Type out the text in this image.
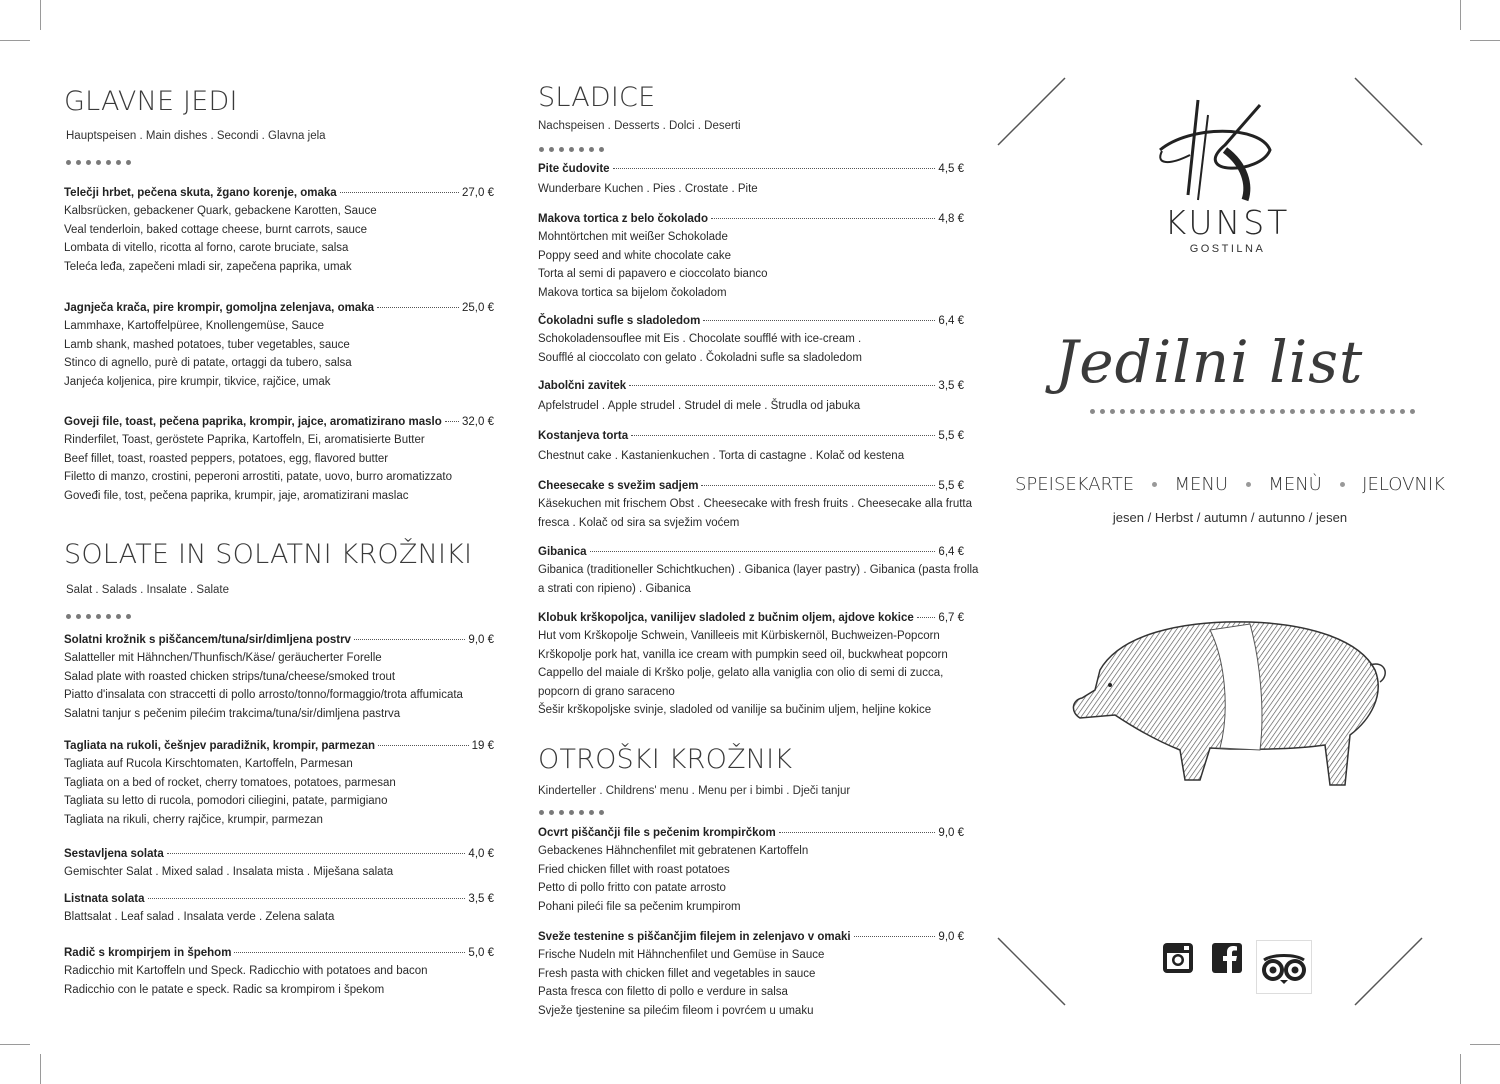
GLAVNE JEDI
Hauptspeisen . Main dishes . Secondi . Glavna jela
Telečji hrbet, pečena skuta, žgano korenje, omaka	27,0 €
Kalbsrücken, gebackener Quark, gebackene Karotten, Sauce
Veal tenderloin, baked cottage cheese, burnt carrots, sauce
Lombata di vitello, ricotta al forno, carote bruciate, salsa
Teleća leđa, zapečeni mladi sir, zapečena paprika, umak
Jagnječa krača, pire krompir, gomoljna zelenjava, omaka	25,0 €
Lammhaxe, Kartoffelpüree, Knollengemüse, Sauce
Lamb shank, mashed potatoes, tuber vegetables, sauce
Stinco di agnello, purè di patate, ortaggi da tubero, salsa
Janjeća koljenica, pire krumpir, tikvice, rajčice, umak
Goveji file, toast, pečena paprika, krompir, jajce, aromatizirano maslo 32,0 €
Rinderfilet, Toast, geröstete Paprika, Kartoffeln, Ei, aromatisierte Butter
Beef fillet, toast, roasted peppers, potatoes, egg, flavored butter
Filetto di manzo, crostini, peperoni arrostiti, patate, uovo, burro aromatizzato
Goveđi file, tost, pečena paprika, krumpir, jaje, aromatizirani maslac
SOLATE IN SOLATNI KROŽNIKI
Salat . Salads . Insalate . Salate
Solatni krožnik s piščancem/tuna/sir/dimljena postrv	9,0 €
Salatteller mit Hähnchen/Thunfisch/Käse/ geräucherter Forelle
Salad plate with roasted chicken strips/tuna/cheese/smoked trout
Piatto d'insalata con straccetti di pollo arrosto/tonno/formaggio/trota affumicata
Salatni tanjur s pečenim pilećim trakcima/tuna/sir/dimljena pastrva
Tagliata na rukoli, češnjev paradižnik, krompir, parmezan	19 €
Tagliata auf Rucola Kirschtomaten, Kartoffeln, Parmesan
Tagliata on a bed of rocket, cherry tomatoes, potatoes, parmesan
Tagliata su letto di rucola, pomodori ciliegini, patate, parmigiano
Tagliata na rikuli, cherry rajčice, krumpir, parmezan
Sestavljena solata	4,0 €
Gemischter Salat . Mixed salad . Insalata mista . Miješana salata
Listnata solata	3,5 €
Blattsalat . Leaf salad . Insalata verde . Zelena salata
Radič s krompirjem in špehom	5,0 €
Radicchio mit Kartoffeln und Speck. Radicchio with potatoes and bacon
Radicchio con le patate e speck. Radic sa krompirom i špekom
SLADICE
Nachspeisen . Desserts . Dolci . Deserti
Pite čudovite	4,5 €
Wunderbare Kuchen . Pies . Crostate . Pite
Makova tortica z belo čokolado	4,8 €
Mohntörtchen mit weißer Schokolade
Poppy seed and white chocolate cake
Torta al semi di papavero e cioccolato bianco
Makova tortica sa bijelom čokoladom
Čokoladni sufle s sladoledom	6,4 €
Schokoladensouflee mit Eis . Chocolate soufflé with ice-cream .
Soufflé al cioccolato con gelato . Čokoladni sufle sa sladoledom
Jabolčni zavitek	3,5 €
Apfelstrudel . Apple strudel . Strudel di mele . Štrudla od jabuka
Kostanjeva torta	5,5 €
Chestnut cake . Kastanienkuchen . Torta di castagne . Kolač od kestena
Cheesecake s svežim sadjem	5,5 €
Käsekuchen mit frischem Obst . Cheesecake with fresh fruits . Cheesecake alla frutta
fresca . Kolač od sira sa svježim voćem
Gibanica	6,4 €
Gibanica (traditioneller Schichtkuchen) . Gibanica (layer pastry) . Gibanica (pasta frolla
a strati con ripieno) . Gibanica
Klobuk krškopoljca, vanilijev sladoled z bučnim oljem, ajdove kokice 6,7 €
Hut vom Krškopolje Schwein, Vanilleeis mit Kürbiskernöl, Buchweizen-Popcorn
Krškopolje pork hat, vanilla ice cream with pumpkin seed oil, buckwheat popcorn
Cappello del maiale di Krško polje, gelato alla vaniglia con olio di semi di zucca,
popcorn di grano saraceno
Šešir krškopoljske svinje, sladoled od vanilije sa bučinim uljem, heljine kokice
OTROŠKI KROŽNIK
Kinderteller . Childrens' menu . Menu per i bimbi . Dječi tanjur
Ocvrt piščančji file s pečenim krompirčkom	9,0 €
Gebackenes Hähnchenfilet mit gebratenen Kartoffeln
Fried chicken fillet with roast potatoes
Petto di pollo fritto con patate arrosto
Pohani pileći file sa pečenim krumpirom
Sveže testenine s piščančjim filejem in zelenjavo v omaki	9,0 €
Frische Nudeln mit Hähnchenfilet und Gemüse in Sauce
Fresh pasta with chicken fillet and vegetables in sauce
Pasta fresca con filetto di pollo e verdure in salsa
Svježe tjestenine sa pilećim fileom i povrćem u umaku
KUNST
GOSTILNA
Jedilni list
SPEISEKARTE MENU MENÙ JELOVNIK
jesen / Herbst / autumn / autunno / jesen
